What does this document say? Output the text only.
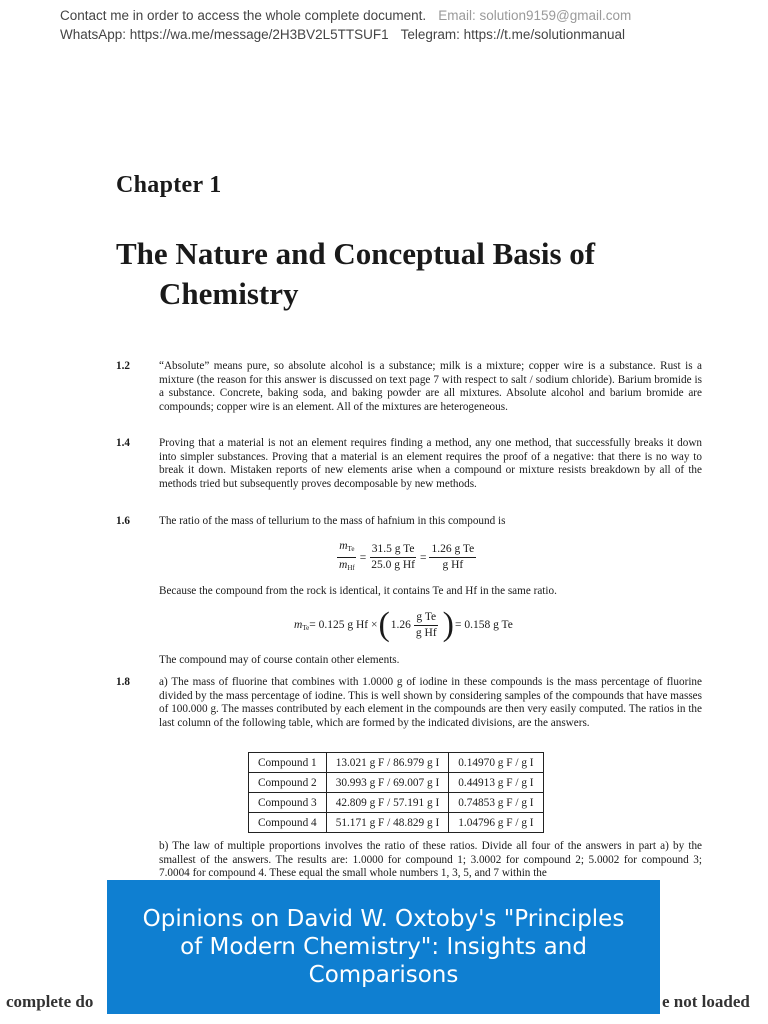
Contact me in order to access the whole complete document. Email: solution9159@gmail.com
WhatsApp: https://wa.me/message/2H3BV2L5TTSUF1 Telegram: https://t.me/solutionmanual
Chapter 1
The Nature and Conceptual Basis of
Chemistry
1.2	“Absolute” means pure, so absolute alcohol is a substance; milk is a mixture; copper wire is a substance. Rust is a mixture (the reason for this answer is discussed on text page 7 with respect to salt / sodium chloride). Barium bromide is a substance. Concrete, baking soda, and baking powder are all mixtures. Absolute alcohol and barium bromide are compounds; copper wire is an element. All of the mixtures are heterogeneous.
1.4	Proving that a material is not an element requires finding a method, any one method, that successfully breaks it down into simpler substances. Proving that a material is an element requires the proof of a negative: that there is no way to break it down. Mistaken reports of new elements arise when a compound or mixture resists breakdown by all of the methods tried but subsequently proves decomposable by new methods.
1.6	The ratio of the mass of tellurium to the mass of hafnium in this compound is
$\frac{m_{Te}}{m_{Hf}} = \frac{\text{31.5 g Te}}{\text{25.0 g Hf}} = \frac{\text{1.26 g Te}}{\text{g Hf}}$
Because the compound from the rock is identical, it contains Te and Hf in the same ratio.
$m_{Te} = 0.125$ g Hf × ( $1.26 \frac{\text{g Te}}{\text{g Hf}}$ ) = 0.158 g Te
The compound may of course contain other elements.
1.8	a) The mass of fluorine that combines with 1.0000 g of iodine in these compounds is the mass percentage of fluorine divided by the mass percentage of iodine. This is well shown by considering samples of the compounds that have masses of 100.000 g. The masses contributed by each element in the compounds are then very easily computed. The ratios in the last column of the following table, which are formed by the indicated divisions, are the answers.
Compound 1	13.021 g F / 86.979 g I	0.14970 g F / g I
Compound 2	30.993 g F / 69.007 g I	0.44913 g F / g I
Compound 3	42.809 g F / 57.191 g I	0.74853 g F / g I
Compound 4	51.171 g F / 48.829 g I	1.04796 g F / g I
b) The law of multiple proportions involves the ratio of these ratios. Divide all four of the answers in part a) by the smallest of the answers. The results are: 1.0000 for compound 1; 3.0002 for compound 2; 5.0002 for compound 3; 7.0004 for compound 4. These equal the small whole numbers 1, 3, 5, and 7 within the
complete do	e not loaded
Opinions on David W. Oxtoby's "Principles of Modern Chemistry": Insights and Comparisons
